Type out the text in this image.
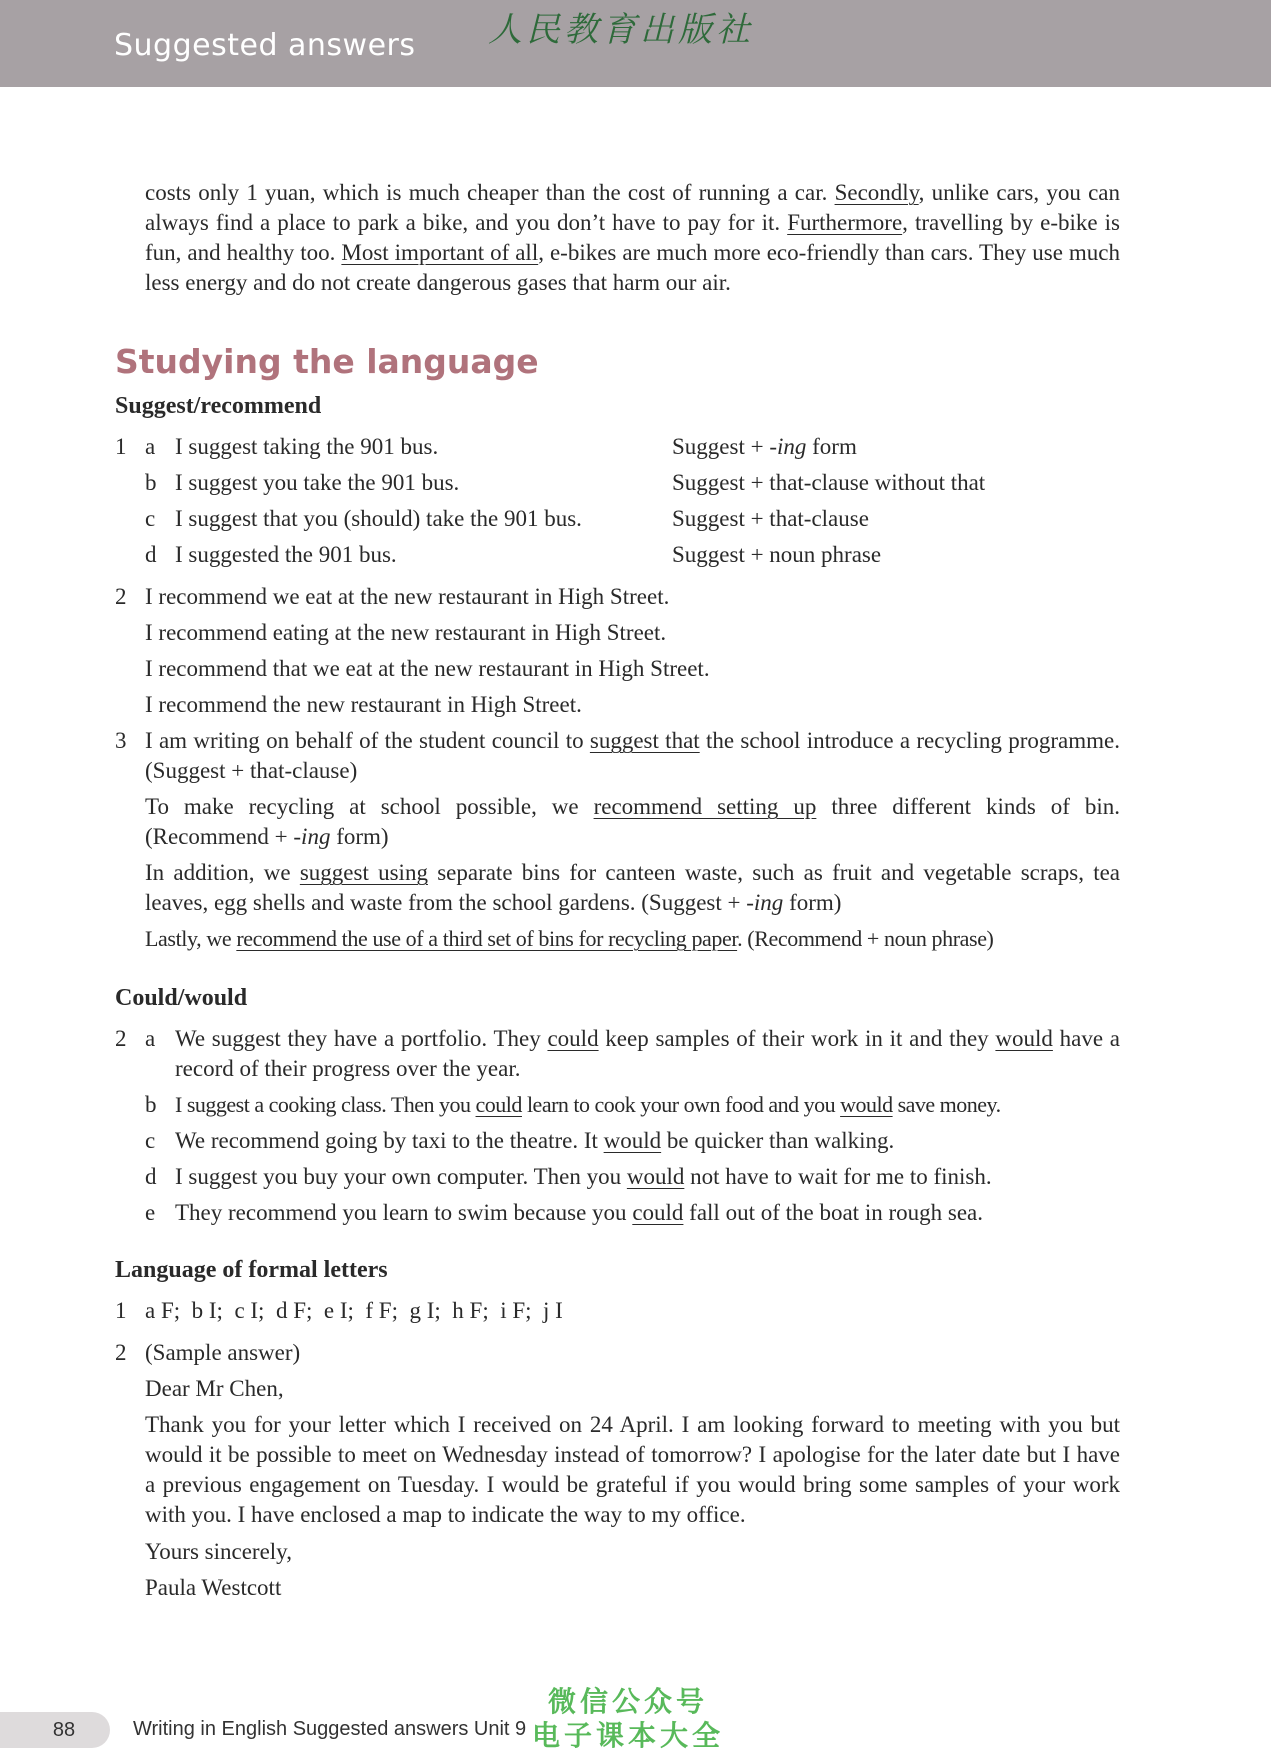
Suggested answers 人民教育出版社
costs only 1 yuan, which is much cheaper than the cost of running a car. Secondly, unlike cars, you can always find a place to park a bike, and you don’t have to pay for it. Furthermore, travelling by e-bike is fun, and healthy too. Most important of all, e-bikes are much more eco-friendly than cars. They use much less energy and do not create dangerous gases that harm our air.
Studying the language
Suggest/recommend
1 a I suggest taking the 901 bus.	Suggest + -ing form
b I suggest you take the 901 bus.	Suggest + that-clause without that
c I suggest that you (should) take the 901 bus.	Suggest + that-clause
d I suggested the 901 bus.	Suggest + noun phrase
2 I recommend we eat at the new restaurant in High Street.
I recommend eating at the new restaurant in High Street.
I recommend that we eat at the new restaurant in High Street.
I recommend the new restaurant in High Street.
3 I am writing on behalf of the student council to suggest that the school introduce a recycling programme. (Suggest + that-clause)
To make recycling at school possible, we recommend setting up three different kinds of bin. (Recommend + -ing form)
In addition, we suggest using separate bins for canteen waste, such as fruit and vegetable scraps, tea leaves, egg shells and waste from the school gardens. (Suggest + -ing form)
Lastly, we recommend the use of a third set of bins for recycling paper. (Recommend + noun phrase)
Could/would
2 a We suggest they have a portfolio. They could keep samples of their work in it and they would have a record of their progress over the year.
b I suggest a cooking class. Then you could learn to cook your own food and you would save money.
c We recommend going by taxi to the theatre. It would be quicker than walking.
d I suggest you buy your own computer. Then you would not have to wait for me to finish.
e They recommend you learn to swim because you could fall out of the boat in rough sea.
Language of formal letters
1 a F;  b I;  c I;  d F;  e I;  f F;  g I;  h F;  i F;  j I
2 (Sample answer)
Dear Mr Chen,
Thank you for your letter which I received on 24 April. I am looking forward to meeting with you but would it be possible to meet on Wednesday instead of tomorrow? I apologise for the later date but I have a previous engagement on Tuesday. I would be grateful if you would bring some samples of your work with you. I have enclosed a map to indicate the way to my office.
Yours sincerely,
Paula Westcott
88	Writing in English Suggested answers Unit 9
微信公众号
电子课本大全
